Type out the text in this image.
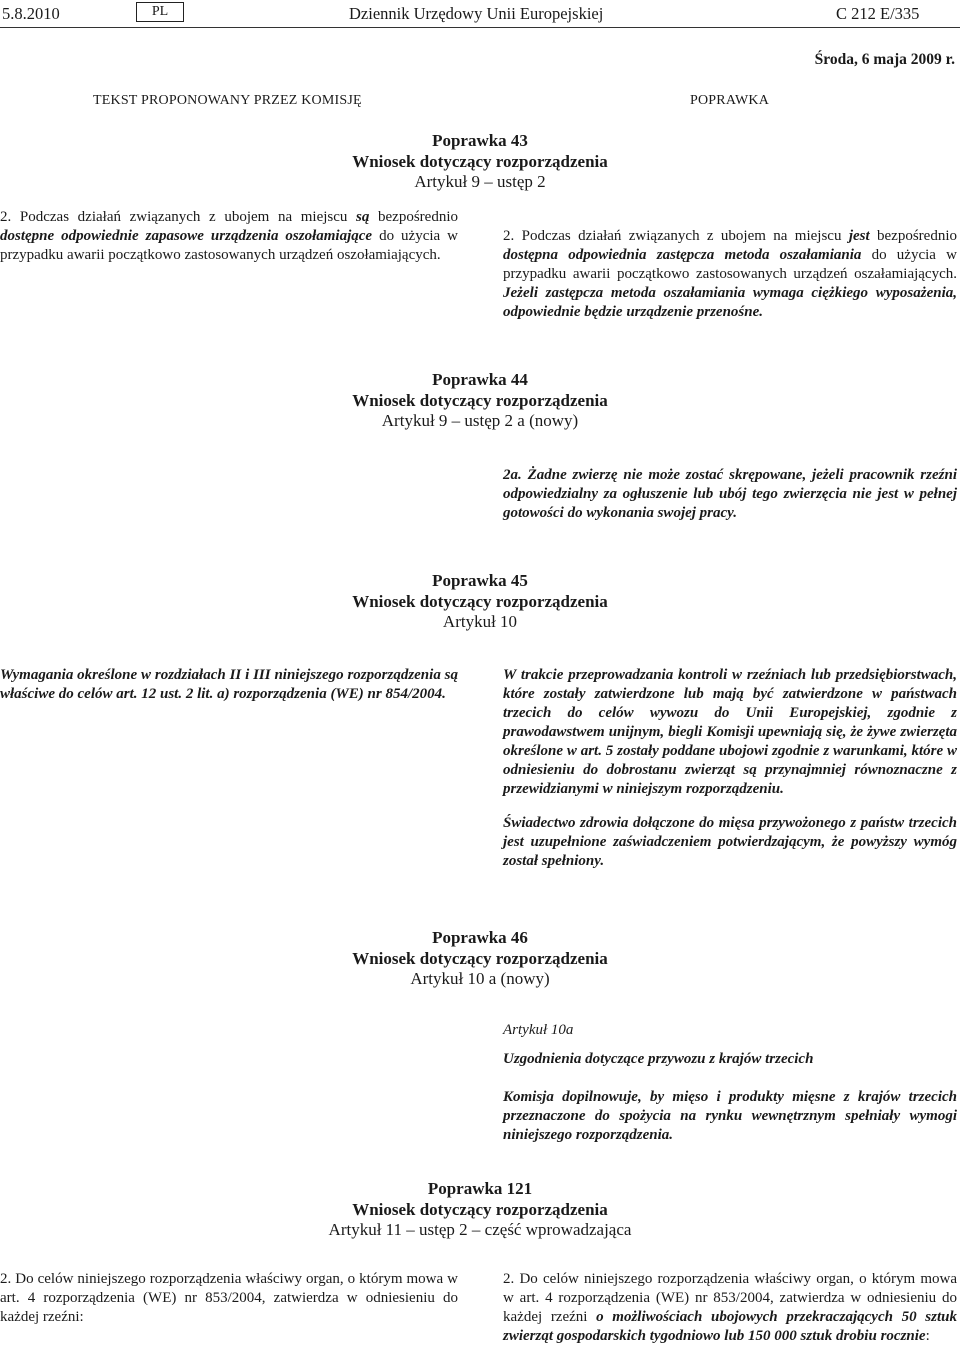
5.8.2010	PL	Dziennik Urzędowy Unii Europejskiej	C 212 E/335
Środa, 6 maja 2009 r.
TEKST PROPONOWANY PRZEZ KOMISJĘ	POPRAWKA
Poprawka 43
Wniosek dotyczący rozporządzenia
Artykuł 9 – ustęp 2
2. Podczas działań związanych z ubojem na miejscu są bezpośrednio dostępne odpowiednie zapasowe urządzenia oszołamiające do użycia w przypadku awarii początkowo zastosowanych urządzeń oszołamiających.
2. Podczas działań związanych z ubojem na miejscu jest bezpośrednio dostępna odpowiednia zastępcza metoda oszałamiania do użycia w przypadku awarii początkowo zastosowanych urządzeń oszałamiających. Jeżeli zastępcza metoda oszałamiania wymaga ciężkiego wyposażenia, odpowiednie będzie urządzenie przenośne.
Poprawka 44
Wniosek dotyczący rozporządzenia
Artykuł 9 – ustęp 2 a (nowy)
2a. Żadne zwierzę nie może zostać skrępowane, jeżeli pracownik rzeźni odpowiedzialny za ogłuszenie lub ubój tego zwierzęcia nie jest w pełnej gotowości do wykonania swojej pracy.
Poprawka 45
Wniosek dotyczący rozporządzenia
Artykuł 10
Wymagania określone w rozdziałach II i III niniejszego rozporządzenia są właściwe do celów art. 12 ust. 2 lit. a) rozporządzenia (WE) nr 854/2004.

W trakcie przeprowadzania kontroli w rzeźniach lub przedsiębiorstwach, które zostały zatwierdzone lub mają być zatwierdzone w państwach trzecich do celów wywozu do Unii Europejskiej, zgodnie z prawodawstwem unijnym, biegli Komisji upewniają się, że żywe zwierzęta określone w art. 5 zostały poddane ubojowi zgodnie z warunkami, które w odniesieniu do dobrostanu zwierząt są przynajmniej równoznaczne z przewidzianymi w niniejszym rozporządzeniu.

Świadectwo zdrowia dołączone do mięsa przywożonego z państw trzecich jest uzupełnione zaświadczeniem potwierdzającym, że powyższy wymóg został spełniony.

Poprawka 46
Wniosek dotyczący rozporządzenia
Artykuł 10 a (nowy)

Artykuł 10a

Uzgodnienia dotyczące przywozu z krajów trzecich

Komisja dopilnowuje, by mięso i produkty mięsne z krajów trzecich przeznaczone do spożycia na rynku wewnętrznym spełniały wymogi niniejszego rozporządzenia.

Poprawka 121
Wniosek dotyczący rozporządzenia
Artykuł 11 – ustęp 2 – część wprowadzająca
2. Do celów niniejszego rozporządzenia właściwy organ, o którym mowa w art. 4 rozporządzenia (WE) nr 853/2004, zatwierdza w odniesieniu do każdej rzeźni:
2. Do celów niniejszego rozporządzenia właściwy organ, o którym mowa w art. 4 rozporządzenia (WE) nr 853/2004, zatwierdza w odniesieniu do każdej rzeźni o możliwościach ubojowych przekraczających 50 sztuk zwierząt gospodarskich tygodniowo lub 150 000 sztuk drobiu rocznie:
